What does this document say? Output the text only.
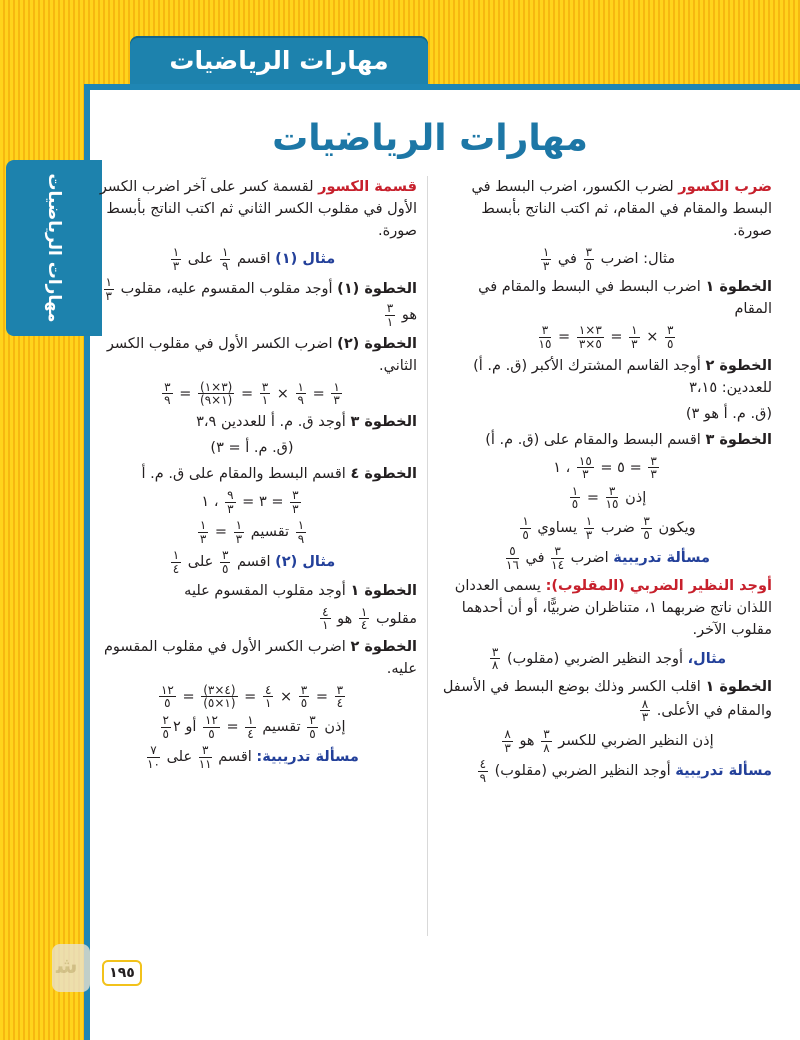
مهارات الرياضيات
مهارات الرياضيات
مهارات الرياضيات

ضرب الكسور لضرب الكسور، اضرب البسط في البسط والمقام في المقام، ثم اكتب الناتج بأبسط صورة.

مثال: اضرب
$\frac{٣}{٥}$
في
$\frac{١}{٣}$

الخطوة ١ اضرب البسط في البسط والمقام في المقام

$\frac{٣}{١٥} = \frac{٣\times ١}{٥\times ٣} = \frac{١}{٣} \times \frac{٣}{٥}$

الخطوة ٢ أوجد القاسم المشترك الأكبر (ق. م. أ) للعددين: ٣،١٥

(ق. م. أ هو ٣)

الخطوة ٣ اقسم البسط والمقام على (ق. م. أ)

٥ =
$\frac{١٥}{٣}$
، ١	= $\frac{٣}{٣}$

إذن
$\frac{٣}{١٥}$
=
$\frac{١}{٥}$

ويكون
$\frac{٣}{٥}$
ضرب
$\frac{١}{٣}$
يساوي
$\frac{١}{٥}$

مسألة تدريبية اضرب
$\frac{٣}{١٤}$
في
$\frac{٥}{١٦}$

أوجد النظير الضربي (المقلوب): يسمى العددان اللذان ناتج ضربهما ١، متناظران ضربيًّا، أو أن أحدهما مقلوب الآخر.

مثال، أوجد النظير الضربي (مقلوب)
$\frac{٣}{٨}$

الخطوة ١ اقلب الكسر وذلك بوضع البسط في الأسفل والمقام في الأعلى.
$\frac{٨}{٣}$

إذن النظير الضربي للكسر
$\frac{٣}{٨}$
هو
$\frac{٨}{٣}$

مسألة تدريبية أوجد النظير الضربي (مقلوب)
$\frac{٤}{٩}$

قسمة الكسور لقسمة كسر على آخر اضرب الكسر الأول في مقلوب الكسر الثاني ثم اكتب الناتج بأبسط صورة.

مثال (١) اقسم
$\frac{١}{٩}$
على
$\frac{١}{٣}$

الخطوة (١) أوجد مقلوب المقسوم عليه، مقلوب
$\frac{١}{٣}$
هو
$\frac{٣}{١}$

الخطوة (٢) اضرب الكسر الأول في مقلوب الكسر الثاني.

$\frac{٣}{٩} = \frac{(٣\times ١)}{(١\times ٩)} = \frac{٣}{١} \times \frac{١}{٩} = \frac{١}{٣}$

الخطوة ٣ أوجد ق. م. أ للعددين ٣،٩

(ق. م. أ = ٣)

الخطوة ٤ اقسم البسط والمقام على ق. م. أ

٣ =
$\frac{٩}{٣}$
، ١	= $\frac{٣}{٣}$

$\frac{١}{٩}$
تقسيم
$\frac{١}{٣}$
=
$\frac{١}{٣}$

مثال (٢) اقسم
$\frac{٣}{٥}$
على
$\frac{١}{٤}$

الخطوة ١ أوجد مقلوب المقسوم عليه

مقلوب
$\frac{١}{٤}$
هو
$\frac{٤}{١}$

الخطوة ٢ اضرب الكسر الأول في مقلوب المقسوم عليه.

$\frac{١٢}{٥} = \frac{(٤\times ٣)}{(١\times ٥)} = \frac{٤}{١} \times \frac{٣}{٥} = \frac{٣}{٤}$

إذن
$\frac{٣}{٥}$
تقسيم
$\frac{١}{٤}$
=
$\frac{١٢}{٥}$
أو ٢
$\frac{٢}{٥}$

مسألة تدريبية: اقسم
$\frac{٣}{١١}$
على
$\frac{٧}{١٠}$

ﺷ	١٩٥
